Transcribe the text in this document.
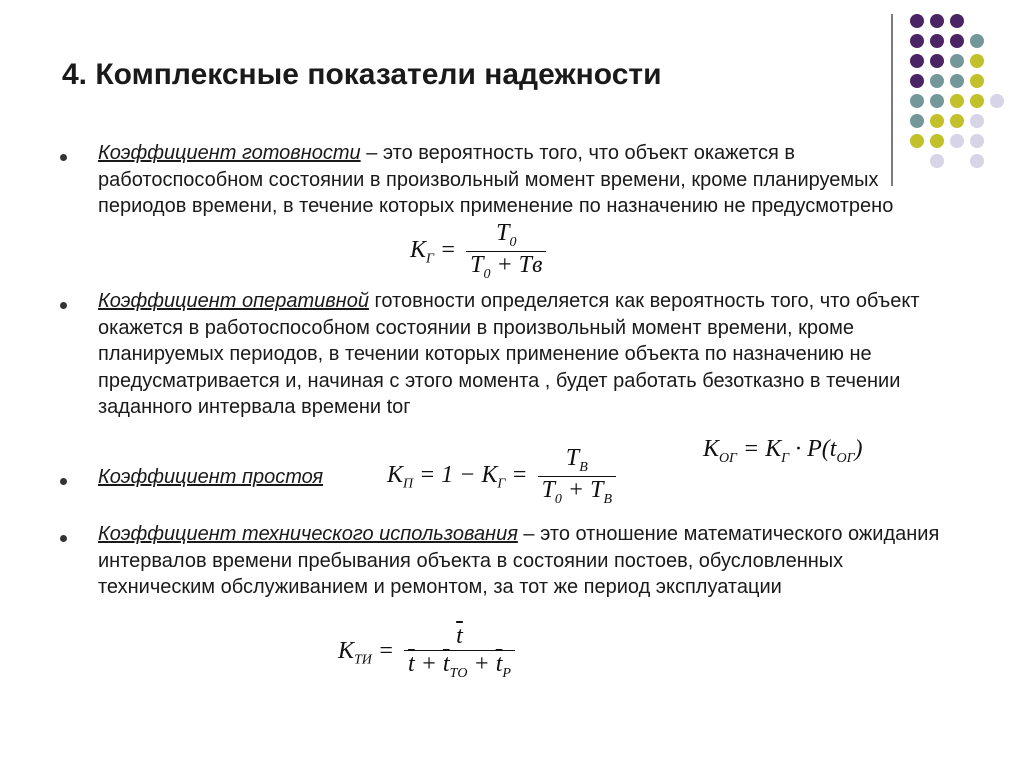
4. Комплексные показатели надежности

Коэффициент готовности – это вероятность того, что объект окажется в работоспособном состоянии в произвольный момент времени, кроме планируемых периодов времени, в течение которых применение по назначению не предусмотрено

$К_Г = \frac{T_0}{T_0 + Tв}$

Коэффициент оперативной готовности определяется как вероятность того, что объект окажется в работоспособном состоянии в произвольный момент времени, кроме планируемых периодов, в течении которых применение объекта по назначению не предусматривается и, начиная с этого момента , будет работать безотказно в течении заданного интервала времени tог

$К_{ОГ} = К_Г \cdot P(t_{ОГ})$

Коэффициент простоя	$К_П = 1 - К_Г = \frac{T_В}{T_0 + T_В}$

Коэффициент технического использования – это отношение математического ожидания интервалов времени пребывания объекта в состоянии постоев, обусловленных техническим обслуживанием и ремонтом, за тот же период эксплуатации

$К_{ТИ} = \frac{\overline{t}}{\overline{t} + \overline{t}_{ТО} + \overline{t}_Р}$
